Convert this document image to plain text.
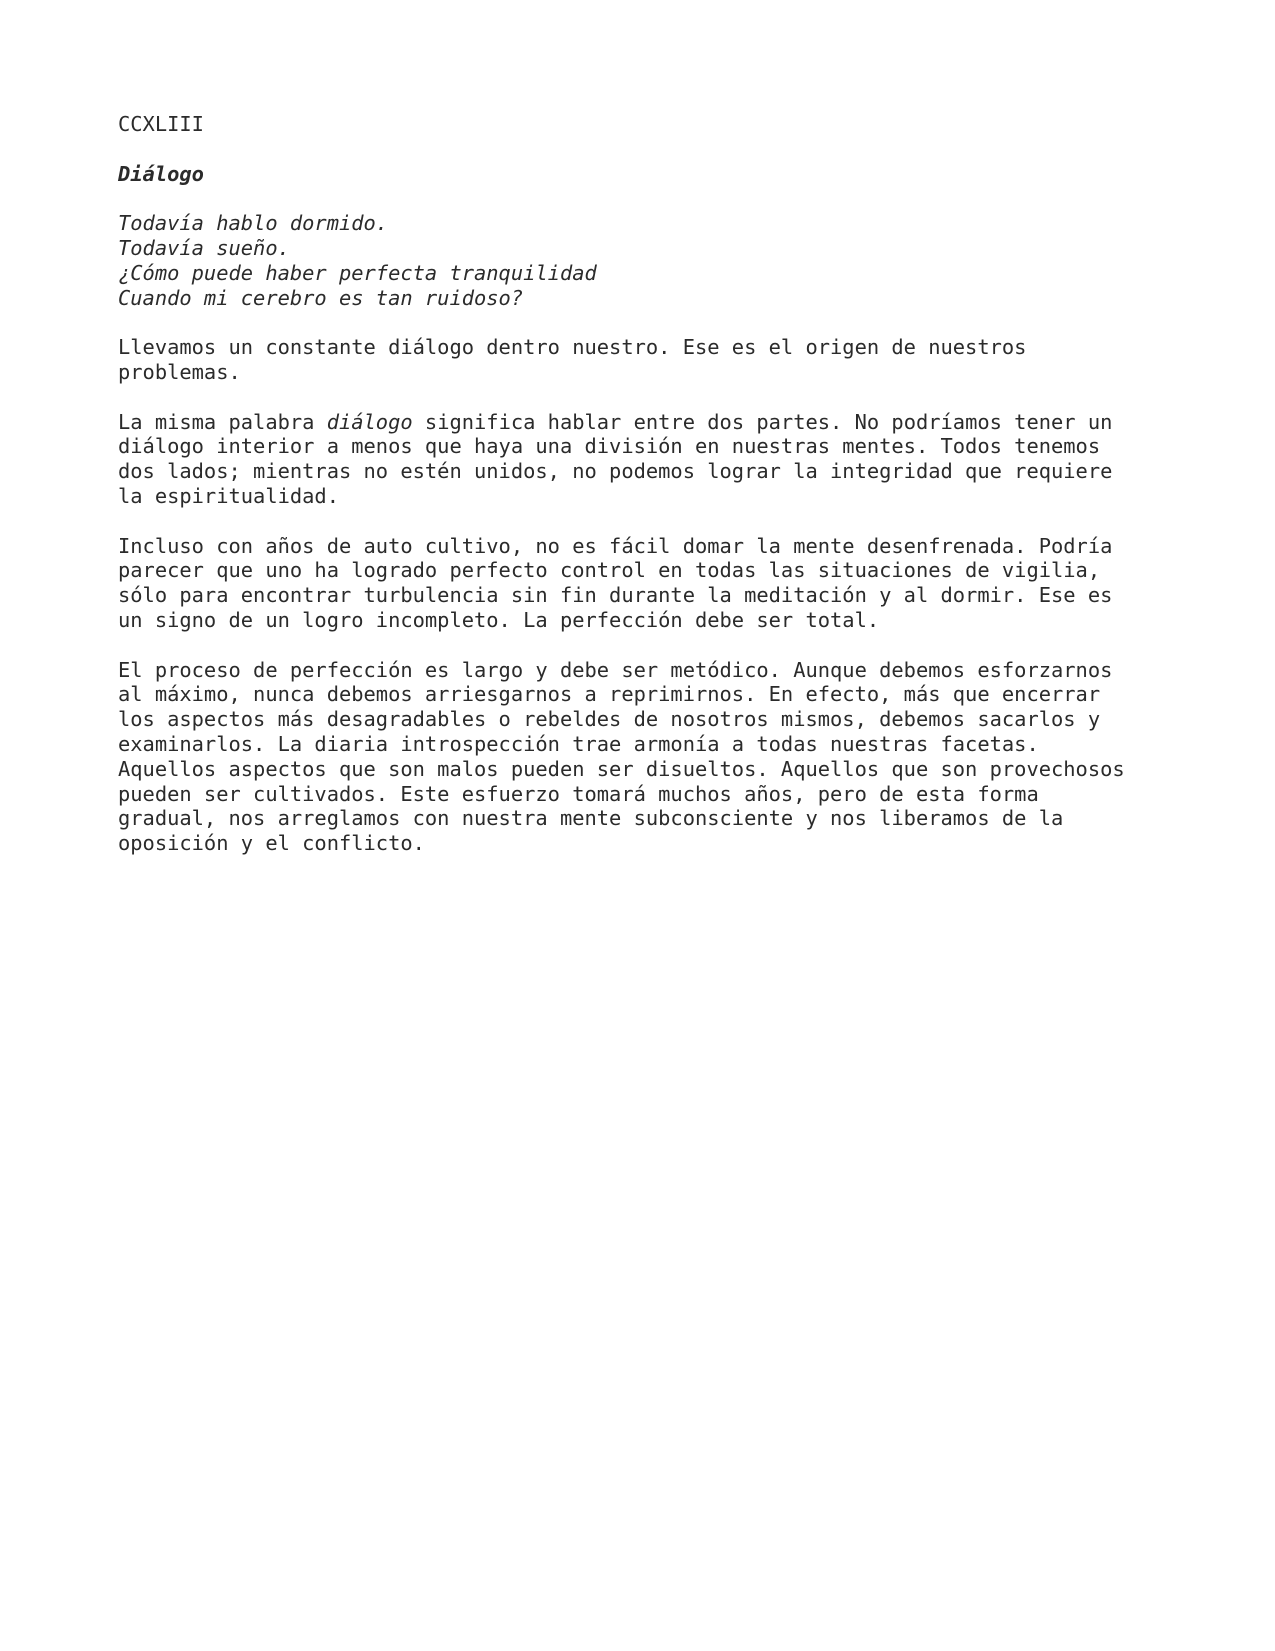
CCXLIII
Diálogo
Todavía hablo dormido.
Todavía sueño.
¿Cómo puede haber perfecta tranquilidad
Cuando mi cerebro es tan ruidoso?
Llevamos un constante diálogo dentro nuestro. Ese es el origen de nuestros
problemas.
La misma palabra diálogo significa hablar entre dos partes. No podríamos tener un
diálogo interior a menos que haya una división en nuestras mentes. Todos tenemos
dos lados; mientras no estén unidos, no podemos lograr la integridad que requiere
la espiritualidad.
Incluso con años de auto cultivo, no es fácil domar la mente desenfrenada. Podría
parecer que uno ha logrado perfecto control en todas las situaciones de vigilia,
sólo para encontrar turbulencia sin fin durante la meditación y al dormir. Ese es
un signo de un logro incompleto. La perfección debe ser total.
El proceso de perfección es largo y debe ser metódico. Aunque debemos esforzarnos
al máximo, nunca debemos arriesgarnos a reprimirnos. En efecto, más que encerrar
los aspectos más desagradables o rebeldes de nosotros mismos, debemos sacarlos y
examinarlos. La diaria introspección trae armonía a todas nuestras facetas.
Aquellos aspectos que son malos pueden ser disueltos. Aquellos que son provechosos
pueden ser cultivados. Este esfuerzo tomará muchos años, pero de esta forma
gradual, nos arreglamos con nuestra mente subconsciente y nos liberamos de la
oposición y el conflicto.
